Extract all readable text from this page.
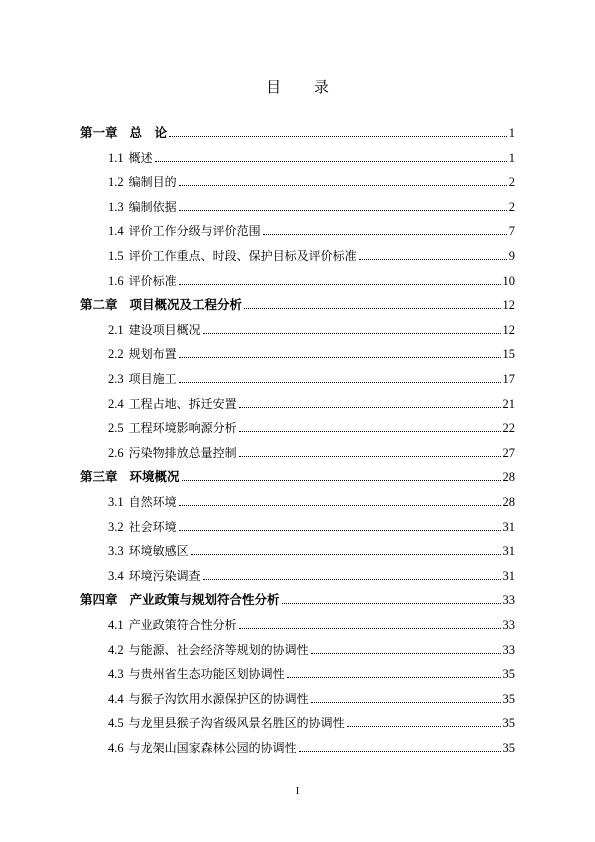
目 录
第一章 总　论	1
1.1 概述	1
1.2 编制目的	2
1.3 编制依据	2
1.4 评价工作分级与评价范围	7
1.5 评价工作重点、时段、保护目标及评价标准	9
1.6 评价标准	10
第二章 项目概况及工程分析	12
2.1 建设项目概况	12
2.2 规划布置	15
2.3 项目施工	17
2.4 工程占地、拆迁安置	21
2.5 工程环境影响源分析	22
2.6 污染物排放总量控制	27
第三章 环境概况	28
3.1 自然环境	28
3.2 社会环境	31
3.3 环境敏感区	31
3.4 环境污染调查	31
第四章 产业政策与规划符合性分析	33
4.1 产业政策符合性分析	33
4.2 与能源、社会经济等规划的协调性	33
4.3 与贵州省生态功能区划协调性	35
4.4 与猴子沟饮用水源保护区的协调性	35
4.5 与龙里县猴子沟省级风景名胜区的协调性	35
4.6 与龙架山国家森林公园的协调性	35
I
